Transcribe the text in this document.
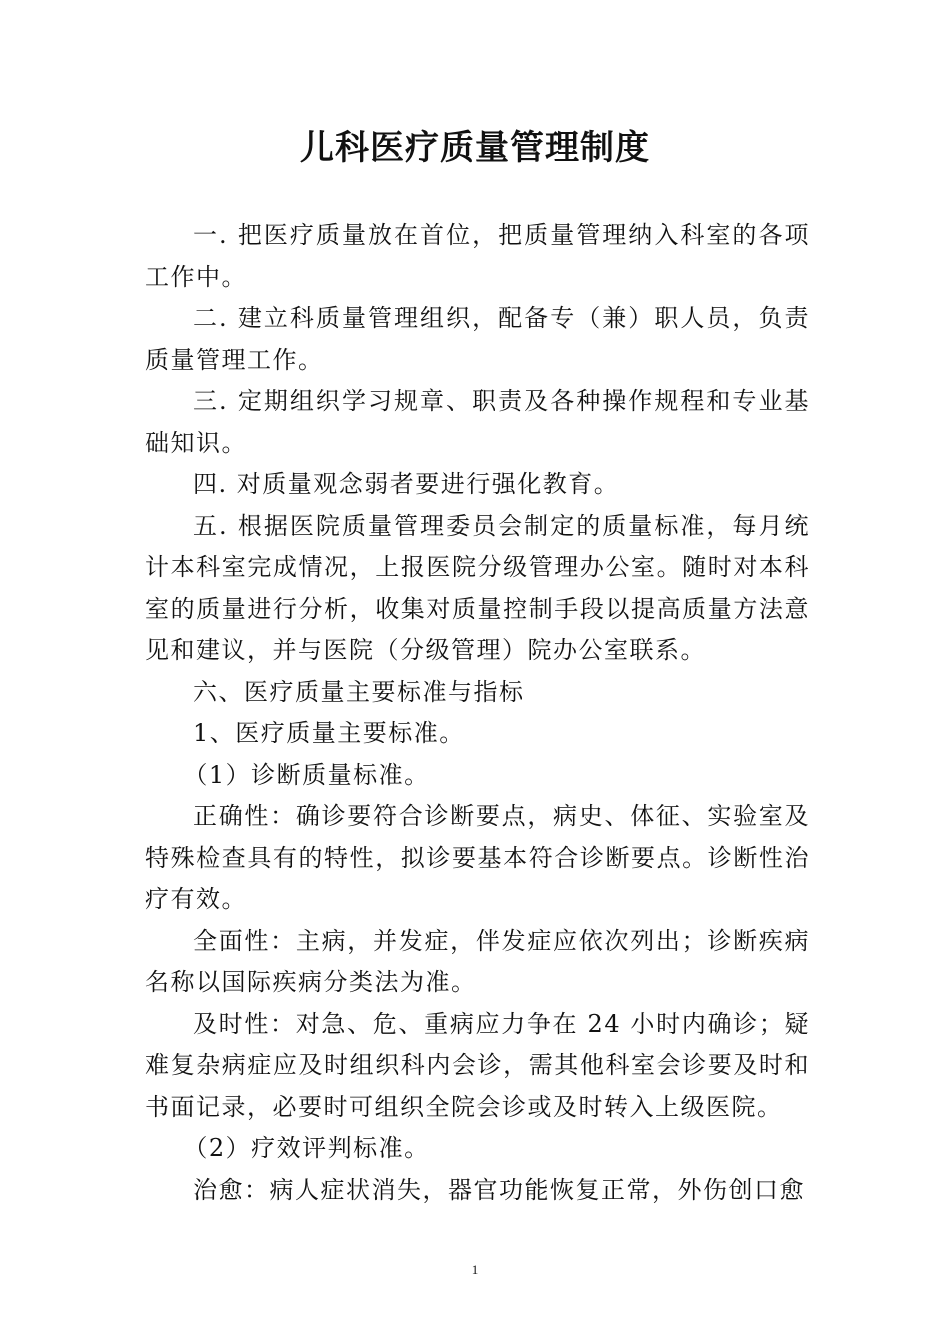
儿科医疗质量管理制度

一. 把医疗质量放在首位，把质量管理纳入科室的各项工作中。

二. 建立科质量管理组织，配备专（兼）职人员，负责质量管理工作。

三. 定期组织学习规章、职责及各种操作规程和专业基础知识。

四. 对质量观念弱者要进行强化教育。

五. 根据医院质量管理委员会制定的质量标准，每月统计本科室完成情况，上报医院分级管理办公室。随时对本科室的质量进行分析，收集对质量控制手段以提高质量方法意见和建议，并与医院（分级管理）院办公室联系。

六、医疗质量主要标准与指标

1、医疗质量主要标准。

（1）诊断质量标准。

正确性：确诊要符合诊断要点，病史、体征、实验室及特殊检查具有的特性，拟诊要基本符合诊断要点。诊断性治疗有效。

全面性：主病，并发症，伴发症应依次列出；诊断疾病名称以国际疾病分类法为准。

及时性：对急、危、重病应力争在 24 小时内确诊；疑难复杂病症应及时组织科内会诊，需其他科室会诊要及时和书面记录，必要时可组织全院会诊或及时转入上级医院。

（2）疗效评判标准。

治愈：病人症状消失，器官功能恢复正常，外伤创口愈

1
